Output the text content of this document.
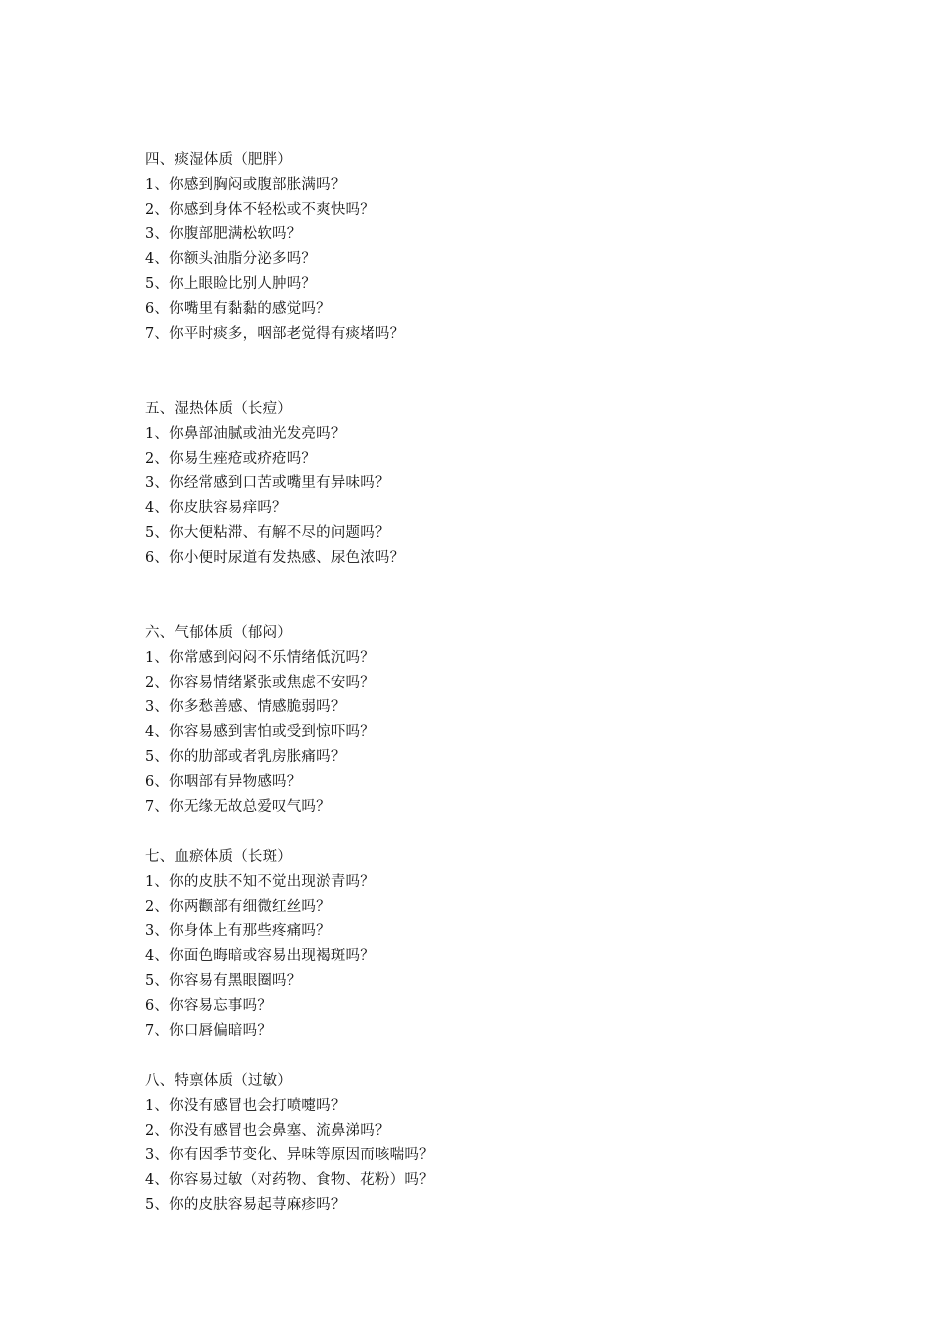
四、痰湿体质（肥胖）
1、你感到胸闷或腹部胀满吗？
2、你感到身体不轻松或不爽快吗？
3、你腹部肥满松软吗？
4、你额头油脂分泌多吗？
5、你上眼睑比别人肿吗？
6、你嘴里有黏黏的感觉吗？
7、你平时痰多，咽部老觉得有痰堵吗？
五、湿热体质（长痘）
1、你鼻部油腻或油光发亮吗？
2、你易生痤疮或疥疮吗？
3、你经常感到口苦或嘴里有异味吗？
4、你皮肤容易痒吗？
5、你大便粘滞、有解不尽的问题吗？
6、你小便时尿道有发热感、尿色浓吗？
六、气郁体质（郁闷）
1、你常感到闷闷不乐情绪低沉吗？
2、你容易情绪紧张或焦虑不安吗？
3、你多愁善感、情感脆弱吗？
4、你容易感到害怕或受到惊吓吗？
5、你的肋部或者乳房胀痛吗？
6、你咽部有异物感吗？
7、你无缘无故总爱叹气吗？
七、血瘀体质（长斑）
1、你的皮肤不知不觉出现淤青吗？
2、你两颧部有细微红丝吗？
3、你身体上有那些疼痛吗？
4、你面色晦暗或容易出现褐斑吗？
5、你容易有黑眼圈吗？
6、你容易忘事吗？
7、你口唇偏暗吗？
八、特禀体质（过敏）
1、你没有感冒也会打喷嚏吗？
2、你没有感冒也会鼻塞、流鼻涕吗？
3、你有因季节变化、异味等原因而咳喘吗？
4、你容易过敏（对药物、食物、花粉）吗？
5、你的皮肤容易起荨麻疹吗？
